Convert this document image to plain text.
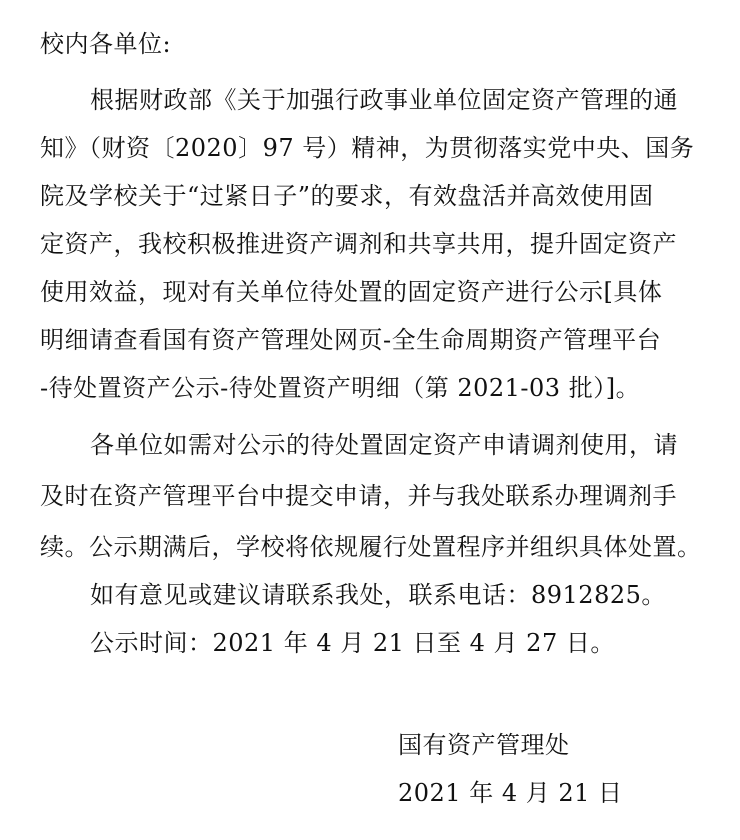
校内各单位:
根据财政部《关于加强行政事业单位固定资产管理的通
知》（财资〔2020〕97 号）精神，为贯彻落实党中央、国务
院及学校关于“过紧日子”的要求，有效盘活并高效使用固
定资产，我校积极推进资产调剂和共享共用，提升固定资产
使用效益，现对有关单位待处置的固定资产进行公示[具体
明细请查看国有资产管理处网页-全生命周期资产管理平台
-待处置资产公示-待处置资产明细（第 2021-03 批）]。
各单位如需对公示的待处置固定资产申请调剂使用，请
及时在资产管理平台中提交申请，并与我处联系办理调剂手
续。公示期满后，学校将依规履行处置程序并组织具体处置。
如有意见或建议请联系我处，联系电话：8912825。
公示时间：2021 年 4 月 21 日至 4 月 27 日。
国有资产管理处
2021 年 4 月 21 日
